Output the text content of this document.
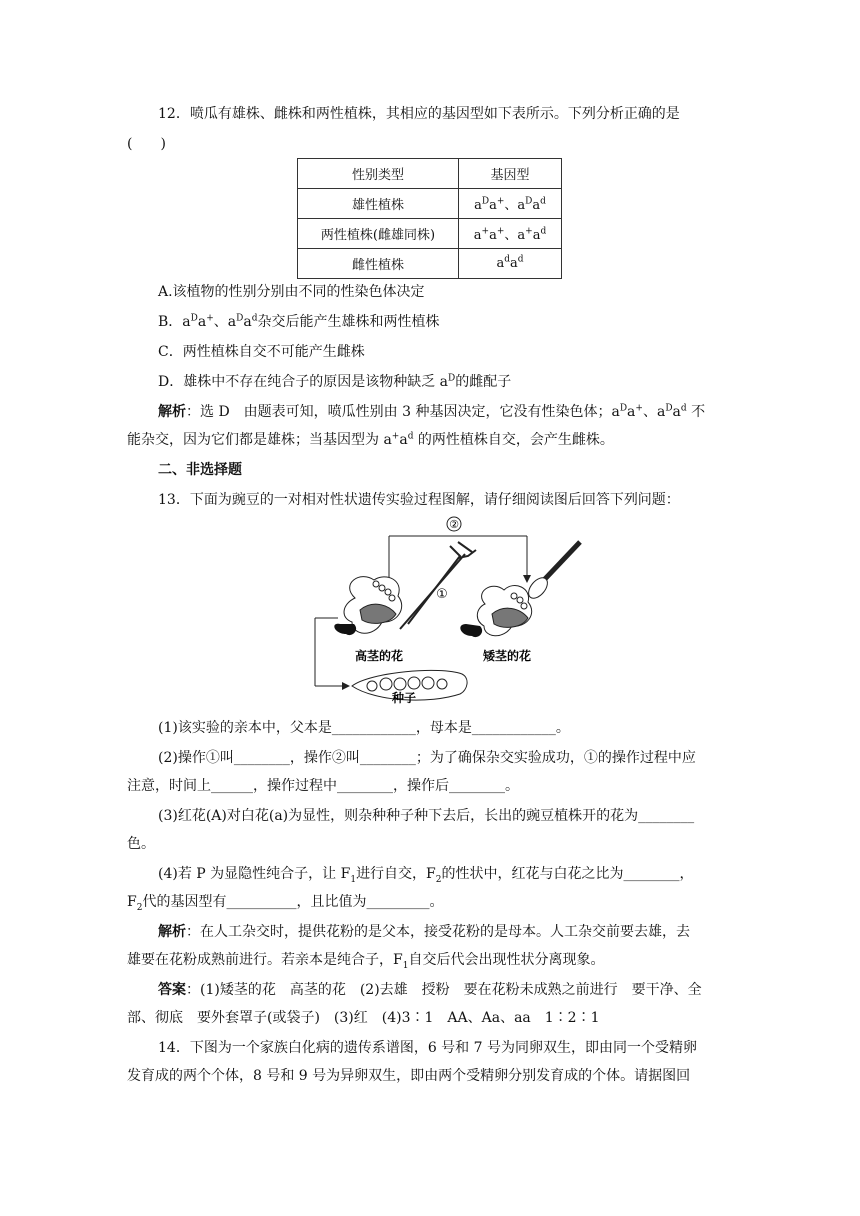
12．喷瓜有雄株、雌株和两性植株，其相应的基因型如下表所示。下列分析正确的是
(　　)
性别类型	基因型
雄性植株	$a^Da^+$、$a^Da^d$
两性植株(雌雄同株)	a+a+、$a^+a^d$
雌性植株	$a^da^d$
A.该植物的性别分别由不同的性染色体决定
B．$a^Da^+$、$a^Da^d$杂交后能产生雄株和两性植株
C．两性植株自交不可能产生雌株
D．雄株中不存在纯合子的原因是该物种缺乏 $a^D$的雌配子
解析：选 D　由题表可知，喷瓜性别由 3 种基因决定，它没有性染色体；$a^Da^+$、$a^Da^d$ 不
能杂交，因为它们都是雄株；当基因型为 $a^+a^d$ 的两性植株自交，会产生雌株。
二、非选择题
13．下面为豌豆的一对相对性状遗传实验过程图解，请仔细阅读图后回答下列问题：
②
①
高茎的花	矮茎的花
种子
(1)该实验的亲本中，父本是____________，母本是____________。
(2)操作①叫________，操作②叫________；为了确保杂交实验成功，①的操作过程中应
注意，时间上______，操作过程中________，操作后________。
(3)红花(A)对白花(a)为显性，则杂种种子种下去后，长出的豌豆植株开的花为________
色。
(4)若 P 为显隐性纯合子，让 $F_1$进行自交，$F_2$的性状中，红花与白花之比为________，
$F_2$代的基因型有__________，且比值为_________。
解析：在人工杂交时，提供花粉的是父本，接受花粉的是母本。人工杂交前要去雄，去
雄要在花粉成熟前进行。若亲本是纯合子，$F_1$自交后代会出现性状分离现象。
答案：(1)矮茎的花　高茎的花　(2)去雄　授粉　要在花粉未成熟之前进行　要干净、全
部、彻底　要外套罩子(或袋子)　(3)红　(4)3∶1　AA、Aa、aa　1∶2∶1
14．下图为一个家族白化病的遗传系谱图，6 号和 7 号为同卵双生，即由同一个受精卵
发育成的两个个体，8 号和 9 号为异卵双生，即由两个受精卵分别发育成的个体。请据图回
